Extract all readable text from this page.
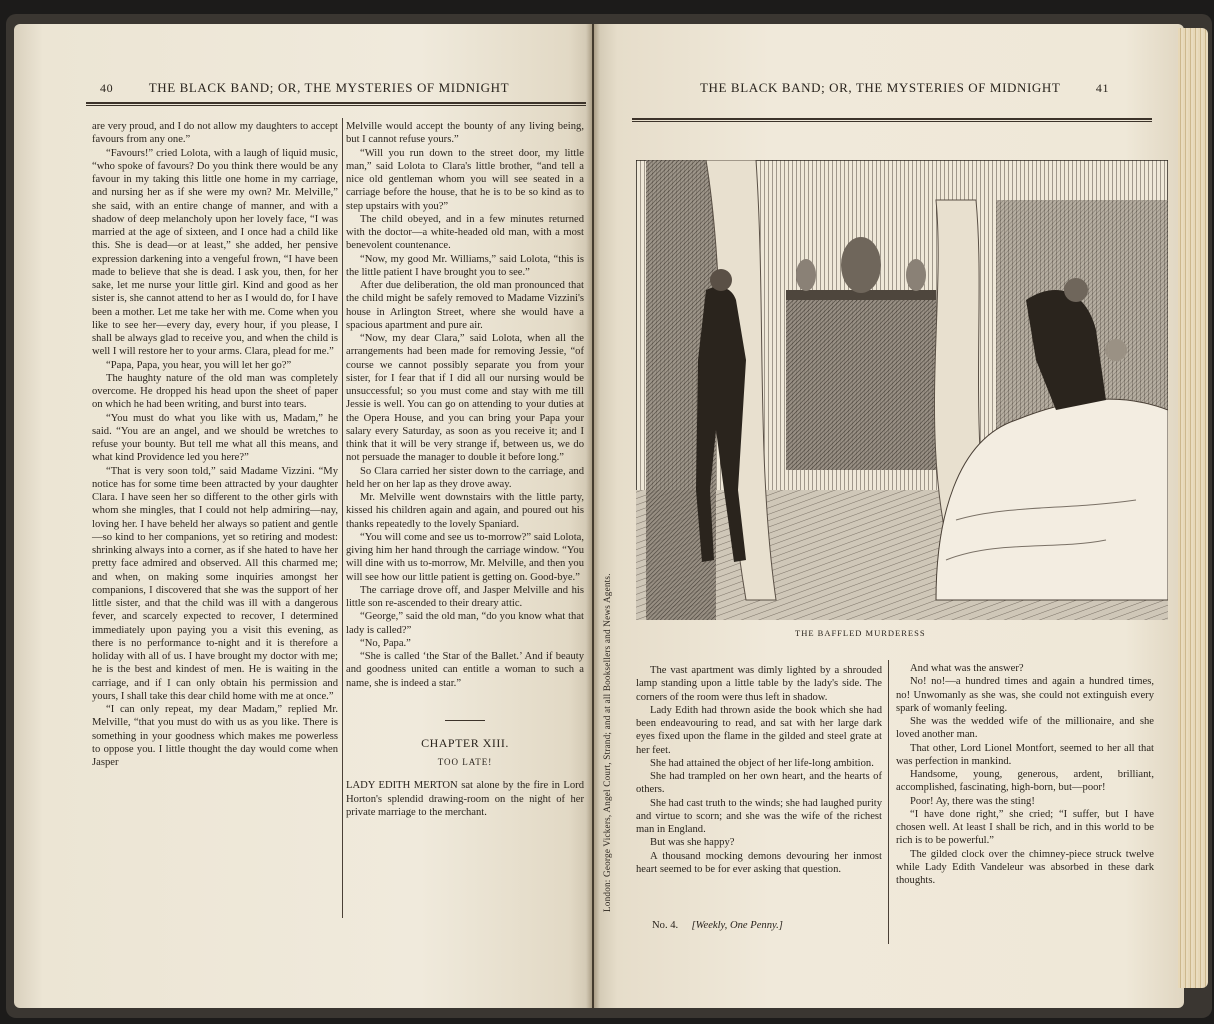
40	THE BLACK BAND; OR, THE MYSTERIES OF MIDNIGHT

are very proud, and I do not allow my daughters to accept favours from any one.”

“Favours!” cried Lolota, with a laugh of liquid music, “who spoke of favours? Do you think there would be any favour in my taking this little one home in my carriage, and nursing her as if she were my own? Mr. Melville,” she said, with an entire change of manner, and with a shadow of deep melancholy upon her lovely face, “I was married at the age of sixteen, and I once had a child like this. She is dead—or at least,” she added, her pensive expression darkening into a vengeful frown, “I have been made to believe that she is dead. I ask you, then, for her sake, let me nurse your little girl. Kind and good as her sister is, she cannot attend to her as I would do, for I have been a mother. Let me take her with me. Come when you like to see her—every day, every hour, if you please, I shall be always glad to receive you, and when the child is well I will restore her to your arms. Clara, plead for me.”

“Papa, Papa, you hear, you will let her go?”

The haughty nature of the old man was completely overcome. He dropped his head upon the sheet of paper on which he had been writing, and burst into tears.

“You must do what you like with us, Madam,” he said. “You are an angel, and we should be wretches to refuse your bounty. But tell me what all this means, and what kind Providence led you here?”

“That is very soon told,” said Madame Vizzini. “My notice has for some time been attracted by your daughter Clara. I have seen her so different to the other girls with whom she mingles, that I could not help admiring—nay, loving her. I have beheld her always so patient and gentle—so kind to her companions, yet so retiring and modest: shrinking always into a corner, as if she hated to have her pretty face admired and observed. All this charmed me; and when, on making some inquiries amongst her companions, I discovered that she was the support of her little sister, and that the child was ill with a dangerous fever, and scarcely expected to recover, I determined immediately upon paying you a visit this evening, as there is no performance to-night and it is therefore a holiday with all of us. I have brought my doctor with me; he is the best and kindest of men. He is waiting in the carriage, and if I can only obtain his permission and yours, I shall take this dear child home with me at once.”

“I can only repeat, my dear Madam,” replied Mr. Melville, “that you must do with us as you like. There is something in your goodness which makes me powerless to oppose you. I little thought the day would come when Jasper

Melville would accept the bounty of any living being, but I cannot refuse yours.”

“Will you run down to the street door, my little man,” said Lolota to Clara's little brother, “and tell a nice old gentleman whom you will see seated in a carriage before the house, that he is to be so kind as to step upstairs with you?”

The child obeyed, and in a few minutes returned with the doctor—a white-headed old man, with a most benevolent countenance.

“Now, my good Mr. Williams,” said Lolota, “this is the little patient I have brought you to see.”

After due deliberation, the old man pronounced that the child might be safely removed to Madame Vizzini's house in Arlington Street, where she would have a spacious apartment and pure air.

“Now, my dear Clara,” said Lolota, when all the arrangements had been made for removing Jessie, “of course we cannot possibly separate you from your sister, for I fear that if I did all our nursing would be unsuccessful; so you must come and stay with me till Jessie is well. You can go on attending to your duties at the Opera House, and you can bring your Papa your salary every Saturday, as soon as you receive it; and I think that it will be very strange if, between us, we do not persuade the manager to double it before long.”

So Clara carried her sister down to the carriage, and held her on her lap as they drove away.

Mr. Melville went downstairs with the little party, kissed his children again and again, and poured out his thanks repeatedly to the lovely Spaniard.

“You will come and see us to-morrow?” said Lolota, giving him her hand through the carriage window. “You will dine with us to-morrow, Mr. Melville, and then you will see how our little patient is getting on. Good-bye.”

The carriage drove off, and Jasper Melville and his little son re-ascended to their dreary attic.

“George,” said the old man, “do you know what that lady is called?”

“No, Papa.”

“She is called ‘the Star of the Ballet.’ And if beauty and goodness united can entitle a woman to such a name, she is indeed a star.”

CHAPTER XIII.

TOO LATE!

LADY EDITH MERTON sat alone by the fire in Lord Horton's splendid drawing-room on the night of her private marriage to the merchant.

THE BLACK BAND; OR, THE MYSTERIES OF MIDNIGHT	41
THE BAFFLED MURDERESS
London: George Vickers, Angel Court, Strand; and at all Booksellers and News Agents.	The vast apartment was dimly lighted by a shrouded lamp standing upon a little table by the lady's side. The corners of the room were thus left in shadow.

Lady Edith had thrown aside the book which she had been endeavouring to read, and sat with her large dark eyes fixed upon the flame in the gilded and steel grate at her feet.

She had attained the object of her life-long ambition.

She had trampled on her own heart, and the hearts of others.

She had cast truth to the winds; she had laughed purity and virtue to scorn; and she was the wife of the richest man in England.

But was she happy?

A thousand mocking demons devouring her inmost heart seemed to be for ever asking that question.

And what was the answer?

No! no!—a hundred times and again a hundred times, no! Unwomanly as she was, she could not extinguish every spark of womanly feeling.

She was the wedded wife of the millionaire, and she loved another man.

That other, Lord Lionel Montfort, seemed to her all that was perfection in mankind.

Handsome, young, generous, ardent, brilliant, accomplished, fascinating, high-born, but—poor!

Poor! Ay, there was the sting!

“I have done right,” she cried; “I suffer, but I have chosen well. At least I shall be rich, and in this world to be rich is to be powerful.”

The gilded clock over the chimney-piece struck twelve while Lady Edith Vandeleur was absorbed in these dark thoughts.

No. 4. [Weekly, One Penny.]
